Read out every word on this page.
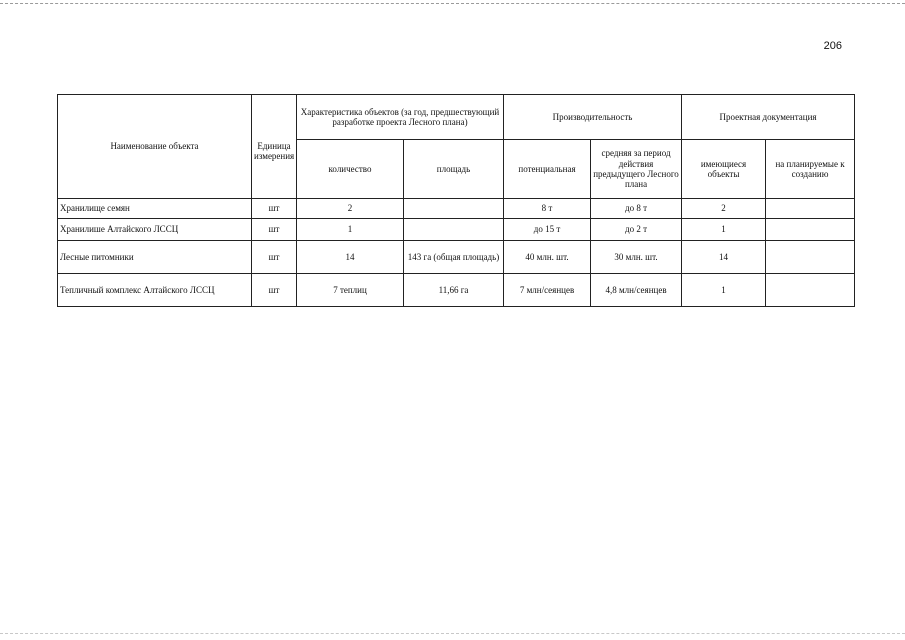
206
Наименование объекта	Единица измерения	Характеристика объектов (за год, предшествующий разработке проекта Лесного плана)		Производительность		Проектная документация	
		количество	площадь	потенциальная	средняя за период действия предыдущего Лесного плана	имеющиеся объекты	на планируемые к созданию
Хранилище семян	шт	2		8 т	до 8 т	2	
Хранилише Алтайского ЛССЦ	шт	1		до 15 т	до 2 т	1	
Лесные питомники	шт	14	143 га (общая площадь)	40 млн. шт.	30 млн. шт.	14	
Тепличный комплекс Алтайского ЛССЦ	шт	7 теплиц	11,66 га	7 млн/сеянцев	4,8 млн/сеянцев	1	
